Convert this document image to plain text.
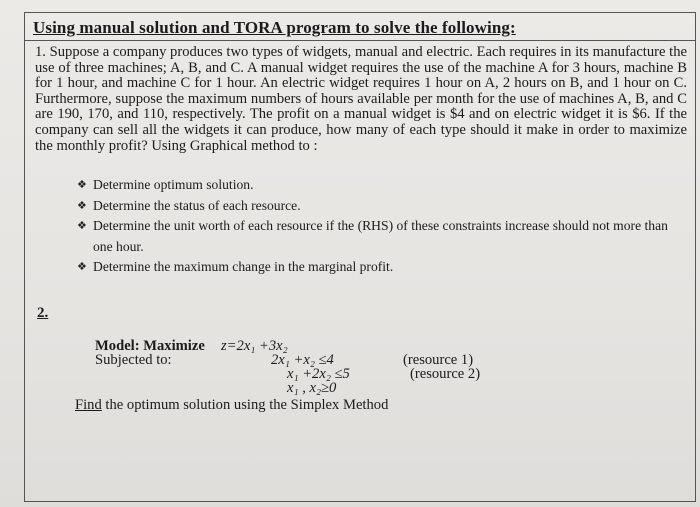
Using manual solution and TORA program to solve the following:
1. Suppose a company produces two types of widgets, manual and electric. Each requires in its manufacture the use of three machines; A, B, and C. A manual widget requires the use of the machine A for 3 hours, machine B for 1 hour, and machine C for 1 hour. An electric widget requires 1 hour on A, 2 hours on B, and 1 hour on C. Furthermore, suppose the maximum numbers of hours available per month for the use of machines A, B, and C are 190, 170, and 110, respectively. The profit on a manual widget is $4 and on electric widget it is $6. If the company can sell all the widgets it can produce, how many of each type should it make in order to maximize the monthly profit? Using Graphical method to :
❖ Determine optimum solution.
❖ Determine the status of each resource.
❖ Determine the unit worth of each resource if the (RHS) of these constraints increase should not more than one hour.
❖ Determine the maximum change in the marginal profit.
2.
Model: Maximize z=2x₁ +3x₂
Subjected to:	2x₁ +x₂ ≤4	(resource 1)
x₁ +2x₂ ≤5	(resource 2)
x₁ , x₂≥0
Find the optimum solution using the Simplex Method
